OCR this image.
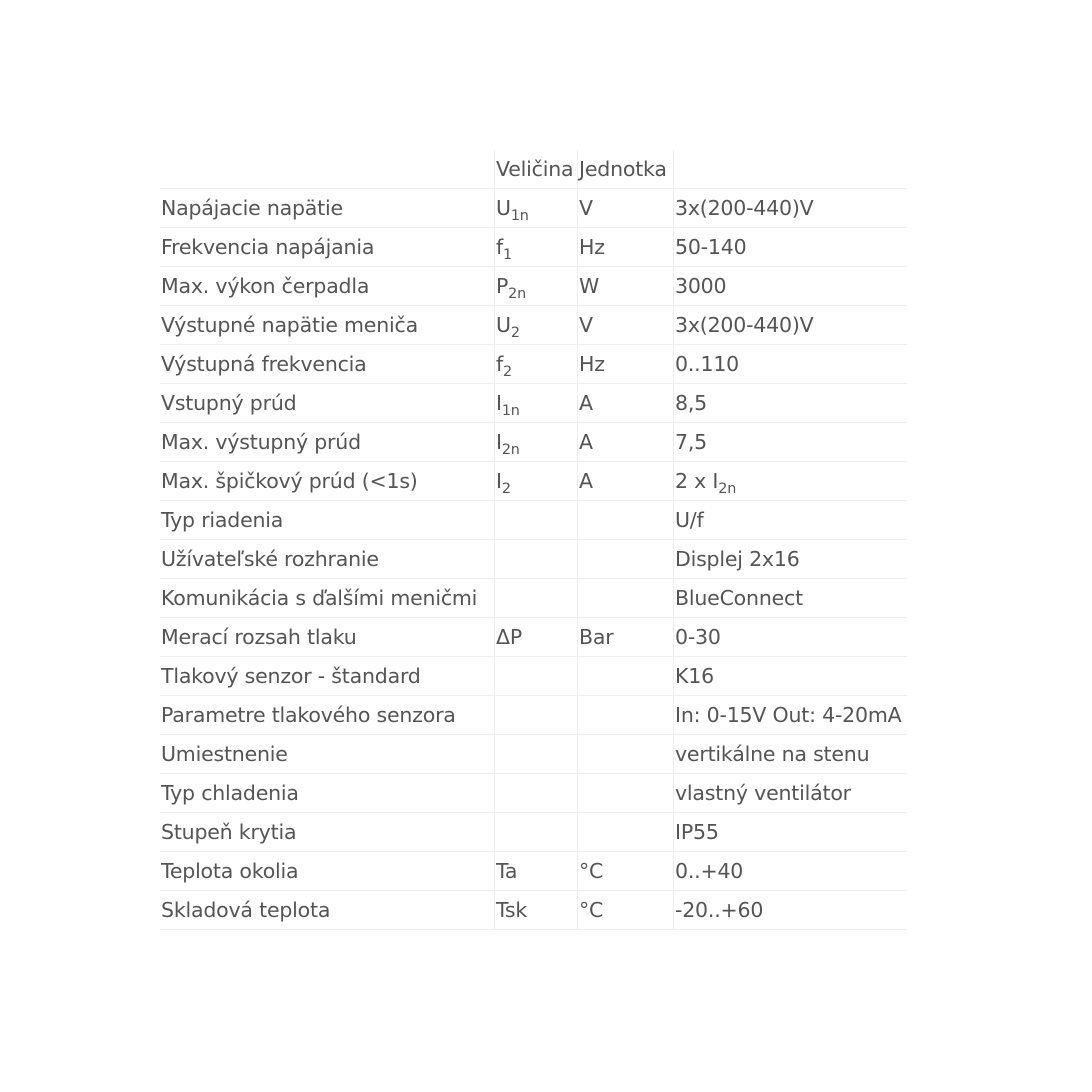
	Veličina	Jednotka	
Napájacie napätie	$U_{1n}$	V	3x(200-440)V
Frekvencia napájania	$f_1$	Hz	50-140
Max. výkon čerpadla	$P_{2n}$	W	3000
Výstupné napätie meniča	$U_2$	V	3x(200-440)V
Výstupná frekvencia	$f_2$	Hz	0..110
Vstupný prúd	$I_{1n}$	A	8,5
Max. výstupný prúd	$I_{2n}$	A	7,5
Max. špičkový prúd (<1s)	$I_2$	A	2 x $I_{2n}$
Typ riadenia			U/f
Užívateľské rozhranie			Displej 2x16
Komunikácia s ďalšími meničmi			BlueConnect
Merací rozsah tlaku	ΔP	Bar	0-30
Tlakový senzor - štandard			K16
Parametre tlakového senzora			In: 0-15V Out: 4-20mA
Umiestnenie			vertikálne na stenu
Typ chladenia			vlastný ventilátor
Stupeň krytia			IP55
Teplota okolia	Ta	°C	0..+40
Skladová teplota	Tsk	°C	-20..+60
